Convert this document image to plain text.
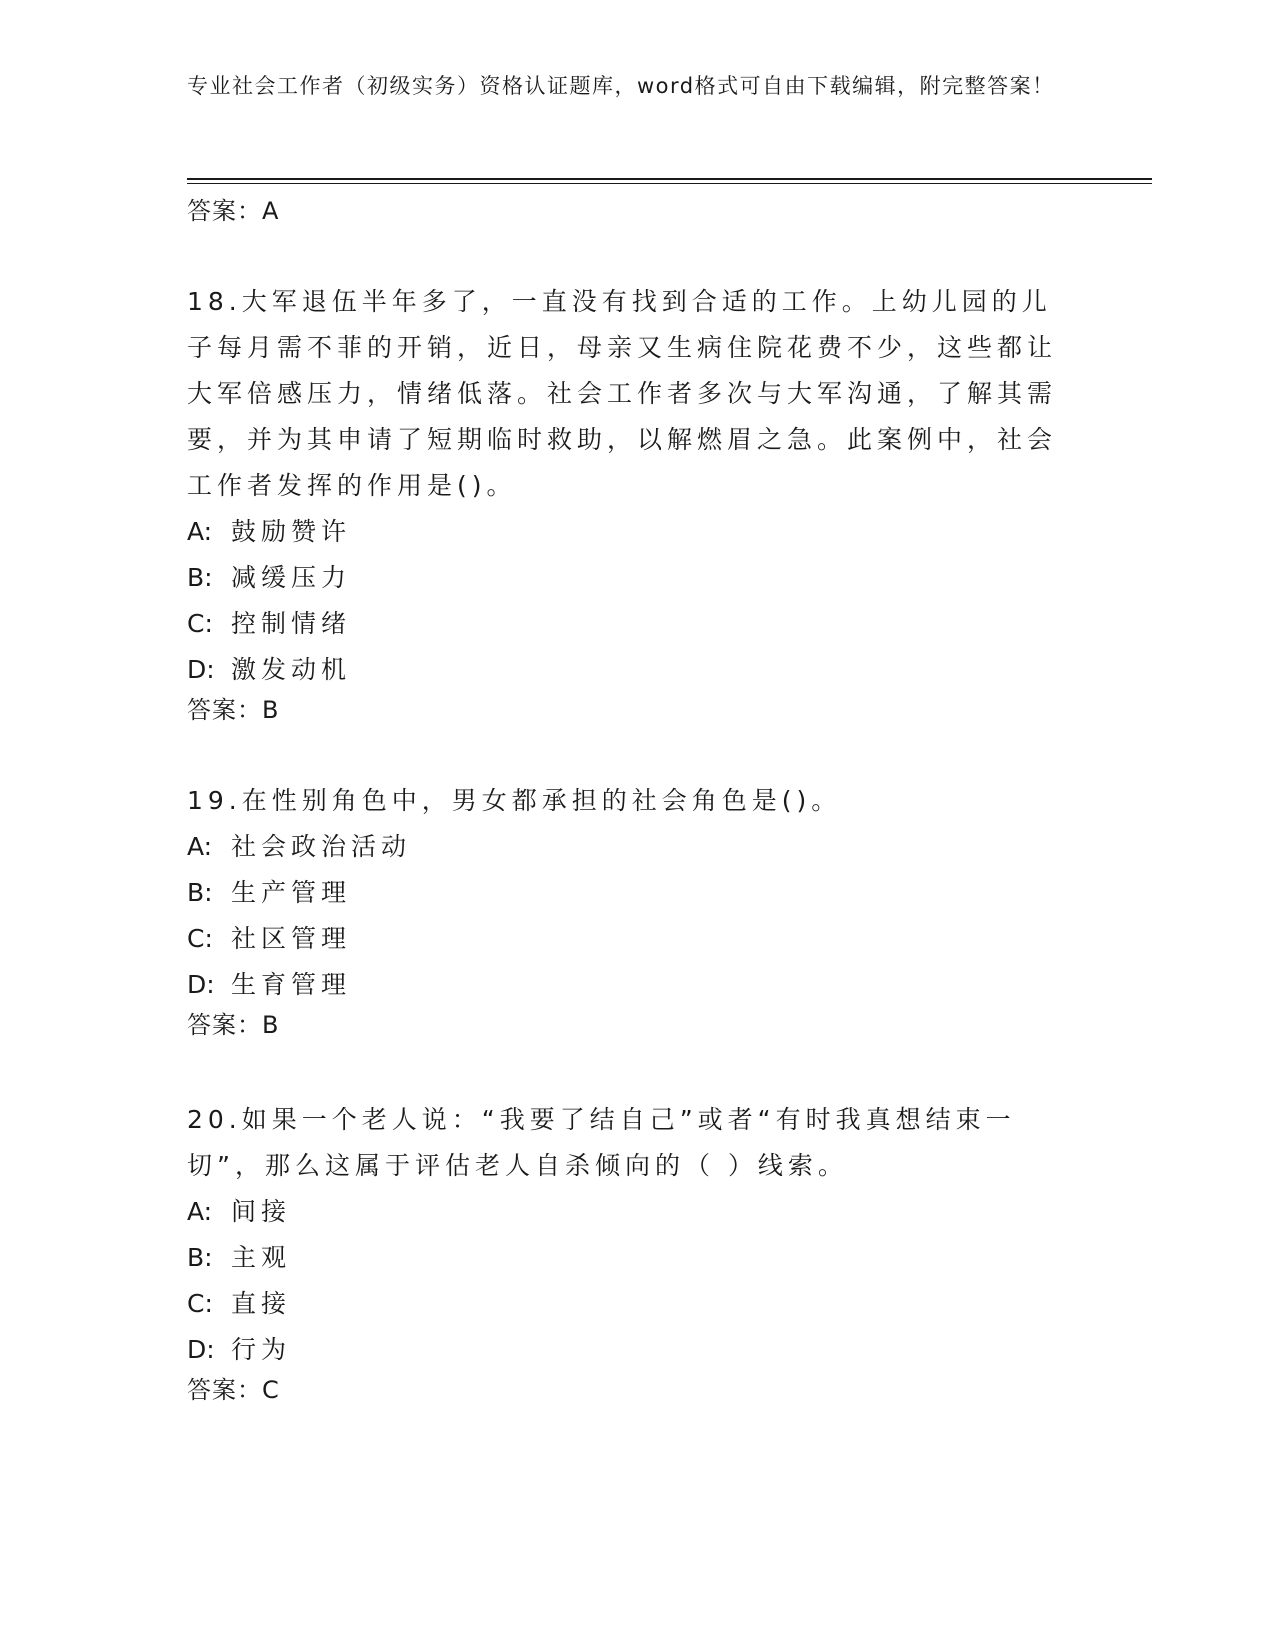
专业社会工作者（初级实务）资格认证题库，word格式可自由下载编辑，附完整答案！
答案：A

18.大军退伍半年多了，一直没有找到合适的工作。上幼儿园的儿子每月需不菲的开销，近日，母亲又生病住院花费不少，这些都让大军倍感压力，情绪低落。社会工作者多次与大军沟通，了解其需要，并为其申请了短期临时救助，以解燃眉之急。此案例中，社会工作者发挥的作用是()。

A: 鼓励赞许

B: 减缓压力

C: 控制情绪

D: 激发动机

答案：B

19.在性别角色中，男女都承担的社会角色是()。

A: 社会政治活动

B: 生产管理

C: 社区管理

D: 生育管理

答案：B

20.如果一个老人说：“我要了结自己”或者“有时我真想结束一切”，那么这属于评估老人自杀倾向的（ ）线索。

A: 间接

B: 主观

C: 直接

D: 行为

答案：C
